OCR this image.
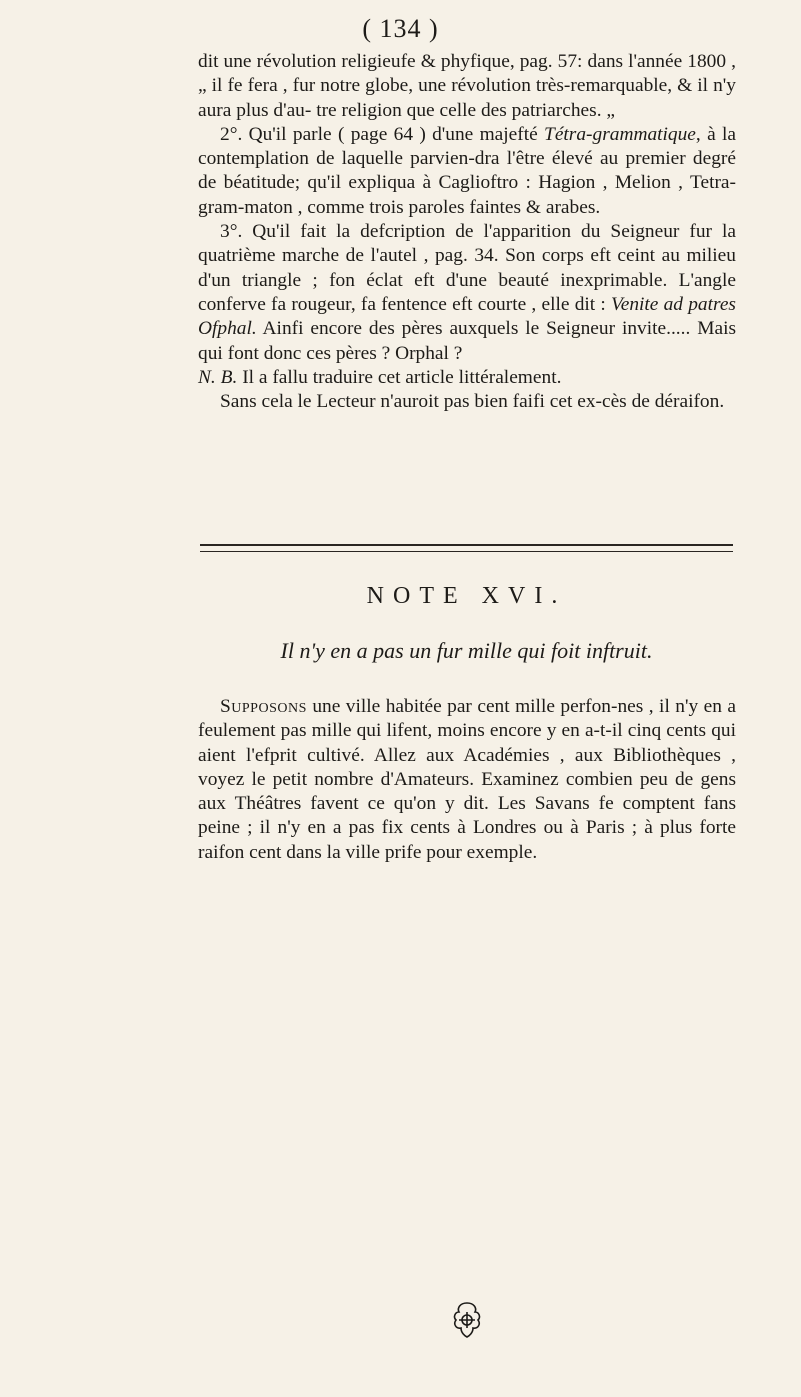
( 134 )

dit une révolution religieufe & phyfique, pag. 57: dans l'année 1800 , „ il fe fera , fur notre globe, une révolution très-remarquable, & il n'y aura plus d'au- tre religion que celle des patriarches. „

2°. Qu'il parle ( page 64 ) d'une majefté Tétra-grammatique, à la contemplation de laquelle parvien-dra l'être élevé au premier degré de béatitude; qu'il expliqua à Caglioftro : Hagion , Melion , Tetra-gram-maton , comme trois paroles faintes & arabes.

3°. Qu'il fait la defcription de l'apparition du Seigneur fur la quatrième marche de l'autel , pag. 34. Son corps eft ceint au milieu d'un triangle ; fon éclat eft d'une beauté inexprimable. L'angle conferve fa rougeur, fa fentence eft courte , elle dit : Venite ad patres Ofphal. Ainfi encore des pères auxquels le Seigneur invite..... Mais qui font donc ces pères ? Orphal ?

N. B. Il a fallu traduire cet article littéralement.

Sans cela le Lecteur n'auroit pas bien faifi cet ex-cès de déraifon.

NOTE XVI.
Il n'y en a pas un fur mille qui foit inftruit.

Supposons une ville habitée par cent mille perfon-nes , il n'y en a feulement pas mille qui lifent, moins encore y en a-t-il cinq cents qui aient l'efprit cultivé. Allez aux Académies , aux Bibliothèques , voyez le petit nombre d'Amateurs. Examinez combien peu de gens aux Théâtres favent ce qu'on y dit. Les Savans fe comptent fans peine ; il n'y en a pas fix cents à Londres ou à Paris ; à plus forte raifon cent dans la ville prife pour exemple.
